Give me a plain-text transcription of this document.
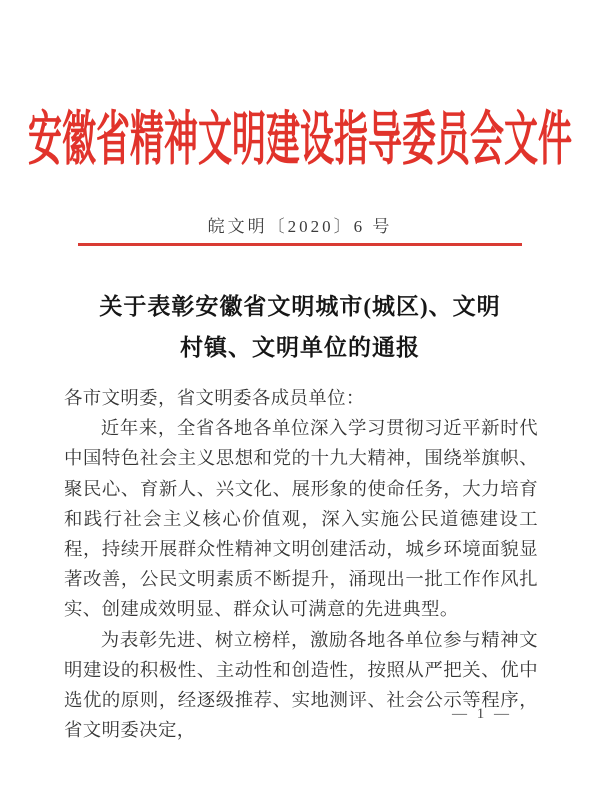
安徽省精神文明建设指导委员会文件
皖文明〔2020〕6 号
关于表彰安徽省文明城市(城区)、文明
村镇、文明单位的通报

各市文明委，省文明委各成员单位：

近年来，全省各地各单位深入学习贯彻习近平新时代中国特色社会主义思想和党的十九大精神，围绕举旗帜、聚民心、育新人、兴文化、展形象的使命任务，大力培育和践行社会主义核心价值观，深入实施公民道德建设工程，持续开展群众性精神文明创建活动，城乡环境面貌显著改善，公民文明素质不断提升，涌现出一批工作作风扎实、创建成效明显、群众认可满意的先进典型。

为表彰先进、树立榜样，激励各地各单位参与精神文明建设的积极性、主动性和创造性，按照从严把关、优中选优的原则，经逐级推荐、实地测评、社会公示等程序，省文明委决定，

— 1 —
